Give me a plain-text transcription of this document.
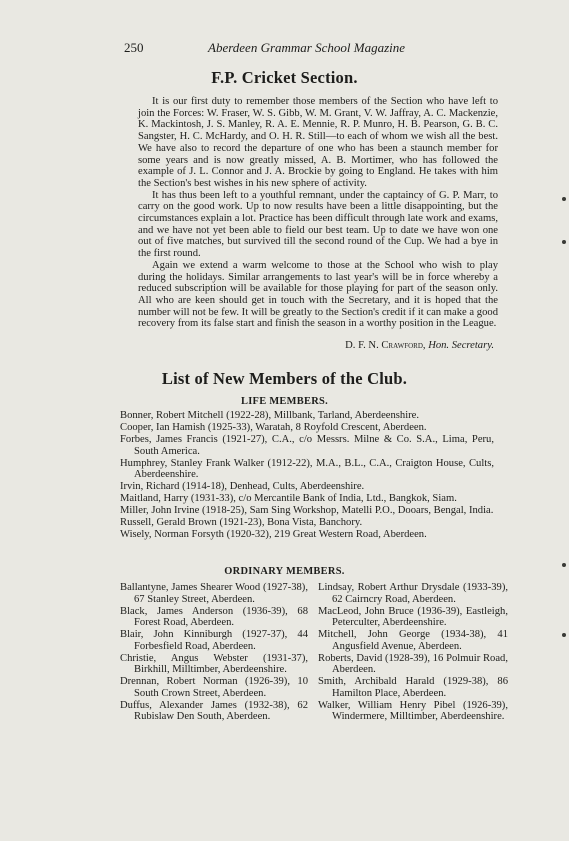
250	Aberdeen Grammar School Magazine
F.P. Cricket Section.

It is our first duty to remember those members of the Section who have left to join the Forces: W. Fraser, W. S. Gibb, W. M. Grant, V. W. Jaffray, A. C. Mackenzie, K. Mackintosh, J. S. Manley, R. A. E. Mennie, R. P. Munro, H. B. Pearson, G. B. C. Sangster, H. C. McHardy, and O. H. R. Still—to each of whom we wish all the best. We have also to record the departure of one who has been a staunch member for some years and is now greatly missed, A. B. Mortimer, who has followed the example of J. L. Connor and J. A. Brockie by going to England. He takes with him the Section's best wishes in his new sphere of activity.

It has thus been left to a youthful remnant, under the captaincy of G. P. Marr, to carry on the good work. Up to now results have been a little disappointing, but the circumstances explain a lot. Practice has been difficult through late work and exams, and we have not yet been able to field our best team. Up to date we have won one out of five matches, but survived till the second round of the Cup. We had a bye in the first round.

Again we extend a warm welcome to those at the School who wish to play during the holidays. Similar arrangements to last year's will be in force whereby a reduced subscription will be available for those playing for part of the season only. All who are keen should get in touch with the Secretary, and it is hoped that the number will not be few. It will be greatly to the Section's credit if it can make a good recovery from its false start and finish the season in a worthy position in the League.

D. F. N. Crawford, Hon. Secretary.
List of New Members of the Club.
LIFE MEMBERS.

Bonner, Robert Mitchell (1922-28), Millbank, Tarland, Aberdeenshire.

Cooper, Ian Hamish (1925-33), Waratah, 8 Royfold Crescent, Aberdeen.

Forbes, James Francis (1921-27), C.A., c/o Messrs. Milne & Co. S.A., Lima, Peru, South America.

Humphrey, Stanley Frank Walker (1912-22), M.A., B.L., C.A., Craigton House, Cults, Aberdeenshire.

Irvin, Richard (1914-18), Denhead, Cults, Aberdeenshire.

Maitland, Harry (1931-33), c/o Mercantile Bank of India, Ltd., Bangkok, Siam.

Miller, John Irvine (1918-25), Sam Sing Workshop, Matelli P.O., Dooars, Bengal, India.

Russell, Gerald Brown (1921-23), Bona Vista, Banchory.

Wisely, Norman Forsyth (1920-32), 219 Great Western Road, Aberdeen.

ORDINARY MEMBERS.

Ballantyne, James Shearer Wood (1927-38), 67 Stanley Street, Aberdeen.

Black, James Anderson (1936-39), 68 Forest Road, Aberdeen.

Blair, John Kinniburgh (1927-37), 44 Forbesfield Road, Aberdeen.

Christie, Angus Webster (1931-37), Birkhill, Milltimber, Aberdeenshire.

Drennan, Robert Norman (1926-39), 10 South Crown Street, Aberdeen.

Duffus, Alexander James (1932-38), 62 Rubislaw Den South, Aberdeen.

Lindsay, Robert Arthur Drysdale (1933-39), 62 Cairncry Road, Aberdeen.

MacLeod, John Bruce (1936-39), Eastleigh, Peterculter, Aberdeenshire.

Mitchell, John George (1934-38), 41 Angusfield Avenue, Aberdeen.

Roberts, David (1928-39), 16 Polmuir Road, Aberdeen.

Smith, Archibald Harald (1929-38), 86 Hamilton Place, Aberdeen.

Walker, William Henry Pibel (1926-39), Windermere, Milltimber, Aberdeenshire.
